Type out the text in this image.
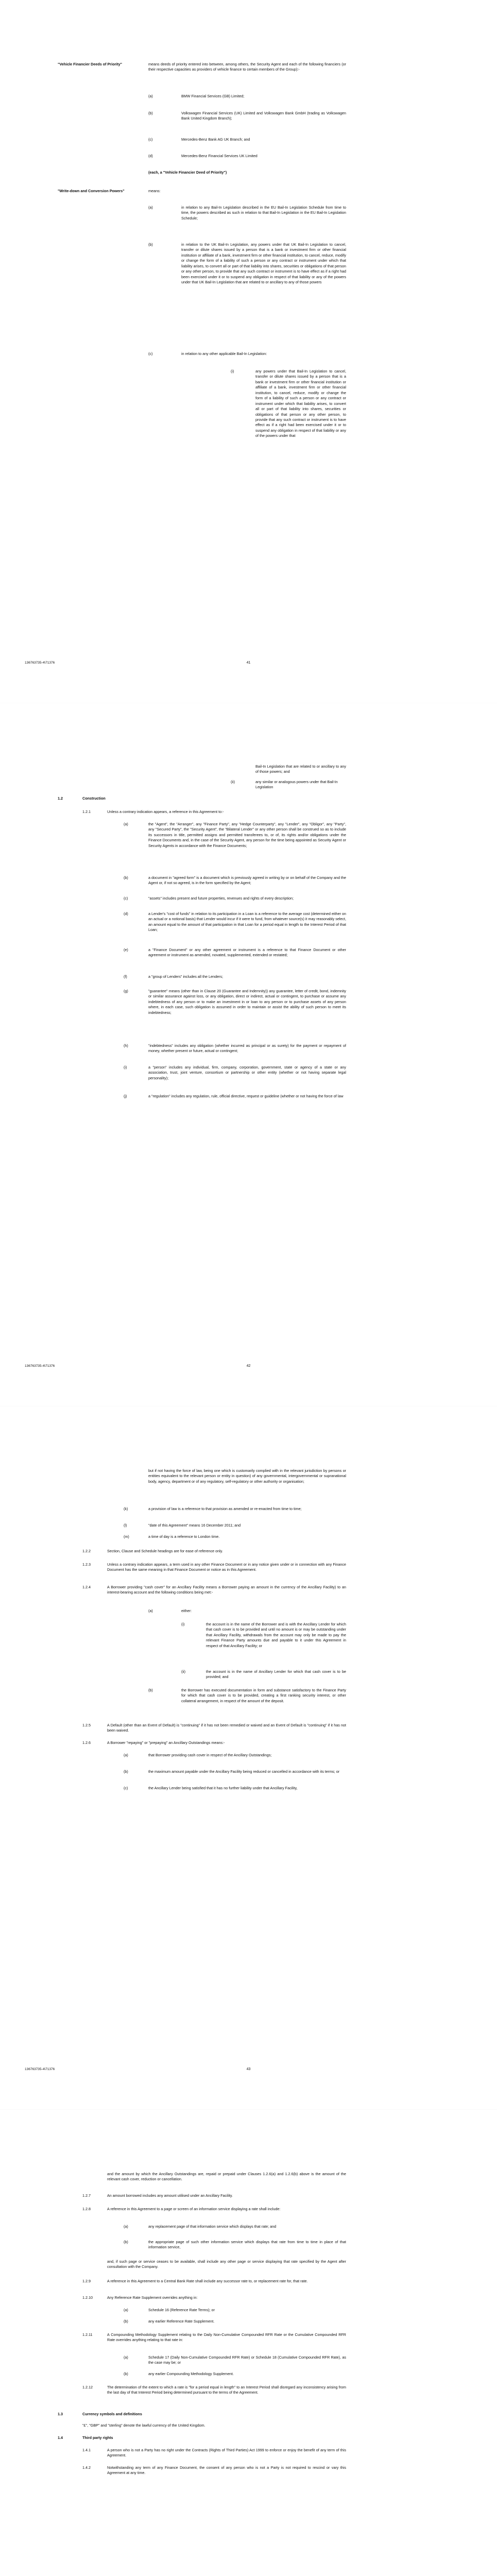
"Vehicle Financier Deeds of Priority"	means deeds of priority entered into between, among others, the Security Agent and each of the following financiers (or their respective capacities as providers of vehicle finance to certain members of the Group):-
(a)	BMW Financial Services (GB) Limited;
(b)	Volkswagen Financial Services (UK) Limited and Volkswagen Bank GmbH (trading as Volkswagen Bank United Kingdom Branch);
(c)	Mercedes-Benz Bank AG UK Branch; and
(d)	Mercedes-Benz Financial Services UK Limited
(each, a "Vehicle Financier Deed of Priority")
"Write-down and Conversion Powers"	means:
(a)	in relation to any Bail-In Legislation described in the EU Bail-In Legislation Schedule from time to time, the powers described as such in relation to that Bail-In Legislation in the EU Bail-In Legislation Schedule;
(b)	in relation to the UK Bail-In Legislation, any powers under that UK Bail-In Legislation to cancel, transfer or dilute shares issued by a person that is a bank or investment firm or other financial institution or affiliate of a bank, investment firm or other financial institution, to cancel, reduce, modify or change the form of a liability of such a person or any contract or instrument under which that liability arises, to convert all or part of that liability into shares, securities or obligations of that person or any other person, to provide that any such contract or instrument is to have effect as if a right had been exercised under it or to suspend any obligation in respect of that liability or any of the powers under that UK Bail-In Legislation that are related to or ancillary to any of those powers
(c)	in relation to any other applicable Bail-In Legislation:
(i)	any powers under that Bail-In Legislation to cancel, transfer or dilute shares issued by a person that is a bank or investment firm or other financial institution or affiliate of a bank, investment firm or other financial institution, to cancel, reduce, modify or change the form of a liability of such a person or any contract or instrument under which that liability arises, to convert all or part of that liability into shares, securities or obligations of that person or any other person, to provide that any such contract or instrument is to have effect as if a right had been exercised under it or to suspend any obligation in respect of that liability or any of the powers under that
41
136763735-4\71376
Bail-In Legislation that are related to or ancillary to any of those powers; and
(ii)	any similar or analogous powers under that Bail-In Legislation
1.2	Construction
1.2.1	Unless a contrary indication appears, a reference in this Agreement to:-
(a)	the "Agent", the "Arranger", any "Finance Party", any "Hedge Counterparty", any "Lender", any "Obligor", any "Party", any "Secured Party", the "Security Agent", the "Bilateral Lender" or any other person shall be construed so as to include its successors in title, permitted assigns and permitted transferees to, or of, its rights and/or obligations under the Finance Documents and, in the case of the Security Agent, any person for the time being appointed as Security Agent or Security Agents in accordance with the Finance Documents;
(b)	a document in "agreed form" is a document which is previously agreed in writing by or on behalf of the Company and the Agent or, if not so agreed, is in the form specified by the Agent;
(c)	"assets" includes present and future properties, revenues and rights of every description;
(d)	a Lender's "cost of funds" in relation to its participation in a Loan is a reference to the average cost (determined either on an actual or a notional basis) that Lender would incur if it were to fund, from whatever source(s) it may reasonably select, an amount equal to the amount of that participation in that Loan for a period equal in length to the Interest Period of that Loan;
(e)	a "Finance Document" or any other agreement or instrument is a reference to that Finance Document or other agreement or instrument as amended, novated, supplemented, extended or restated;
(f)	a "group of Lenders" includes all the Lenders;
(g)	"guarantee" means (other than in Clause 20 (Guarantee and Indemnity)) any guarantee, letter of credit, bond, indemnity or similar assurance against loss, or any obligation, direct or indirect, actual or contingent, to purchase or assume any indebtedness of any person or to make an investment in or loan to any person or to purchase assets of any person where, in each case, such obligation is assumed in order to maintain or assist the ability of such person to meet its indebtedness;
(h)	"indebtedness" includes any obligation (whether incurred as principal or as surety) for the payment or repayment of money, whether present or future, actual or contingent;
(i)	a "person" includes any individual, firm, company, corporation, government, state or agency of a state or any association, trust, joint venture, consortium or partnership or other entity (whether or not having separate legal personality);
(j)	a "regulation" includes any regulation, rule, official directive, request or guideline (whether or not having the force of law
42
136763735-4\71376
but if not having the force of law, being one which is customarily complied with in the relevant jurisdiction by persons or entities equivalent to the relevant person or entity in question) of any governmental, intergovernmental or supranational body, agency, department or of any regulatory, self-regulatory or other authority or organisation;
(k)	a provision of law is a reference to that provision as amended or re-enacted from time to time;
(l)	"date of this Agreement" means 16 December 2011; and
(m)	a time of day is a reference to London time.
1.2.2	Section, Clause and Schedule headings are for ease of reference only.
1.2.3	Unless a contrary indication appears, a term used in any other Finance Document or in any notice given under or in connection with any Finance Document has the same meaning in that Finance Document or notice as in this Agreement.
1.2.4	A Borrower providing "cash cover" for an Ancillary Facility means a Borrower paying an amount in the currency of the Ancillary Facility) to an interest-bearing account and the following conditions being met:-
(a)	either:
(i)	the account is in the name of the Borrower and is with the Ancillary Lender for which that cash cover is to be provided and until no amount is or may be outstanding under that Ancillary Facility, withdrawals from the account may only be made to pay the relevant Finance Party amounts due and payable to it under this Agreement in respect of that Ancillary Facility; or
(ii)	the account is in the name of Ancillary Lender for which that cash cover is to be provided; and
(b)	the Borrower has executed documentation in form and substance satisfactory to the Finance Party for which that cash cover is to be provided, creating a first ranking security interest, or other collateral arrangement, in respect of the amount of the deposit.
1.2.5	A Default (other than an Event of Default) is "continuing" if it has not been remedied or waived and an Event of Default is "continuing" if it has not been waived.
1.2.6	A Borrower "repaying" or "prepaying" an Ancillary Outstandings means:-
(a)	that Borrower providing cash cover in respect of the Ancillary Outstandings;
(b)	the maximum amount payable under the Ancillary Facility being reduced or cancelled in accordance with its terms; or
(c)	the Ancillary Lender being satisfied that it has no further liability under that Ancillary Facility,
43
136763735-4\71376
and the amount by which the Ancillary Outstandings are, repaid or prepaid under Clauses 1.2.6(a) and 1.2.6(b) above is the amount of the relevant cash cover, reduction or cancellation.
1.2.7	An amount borrowed includes any amount utilised under an Ancillary Facility.
1.2.8	A reference in this Agreement to a page or screen of an information service displaying a rate shall include:
(a)	any replacement page of that information service which displays that rate; and
(b)	the appropriate page of such other information service which displays that rate from time to time in place of that information service,
and, if such page or service ceases to be available, shall include any other page or service displaying that rate specified by the Agent after consultation with the Company.
1.2.9	A reference in this Agreement to a Central Bank Rate shall include any successor rate to, or replacement rate for, that rate.
1.2.10	Any Reference Rate Supplement overrides anything in:
(a)	Schedule 16 (Reference Rate Terms); or
(b)	any earlier Reference Rate Supplement.
1.2.11	A Compounding Methodology Supplement relating to the Daily Non-Cumulative Compounded RFR Rate or the Cumulative Compounded RFR Rate overrides anything relating to that rate in:
(a)	Schedule 17 (Daily Non-Cumulative Compounded RFR Rate) or Schedule 18 (Cumulative Compounded RFR Rate), as the case may be; or
(b)	any earlier Compounding Methodology Supplement.
1.2.12	The determination of the extent to which a rate is "for a period equal in length" to an Interest Period shall disregard any inconsistency arising from the last day of that Interest Period being determined pursuant to the terms of the Agreement.
1.3	Currency symbols and definitions
"£", "GBP" and "sterling" denote the lawful currency of the United Kingdom.
1.4	Third party rights
1.4.1	A person who is not a Party has no right under the Contracts (Rights of Third Parties) Act 1999 to enforce or enjoy the benefit of any term of this Agreement.
1.4.2	Notwithstanding any term of any Finance Document, the consent of any person who is not a Party is not required to rescind or vary this Agreement at any time.
